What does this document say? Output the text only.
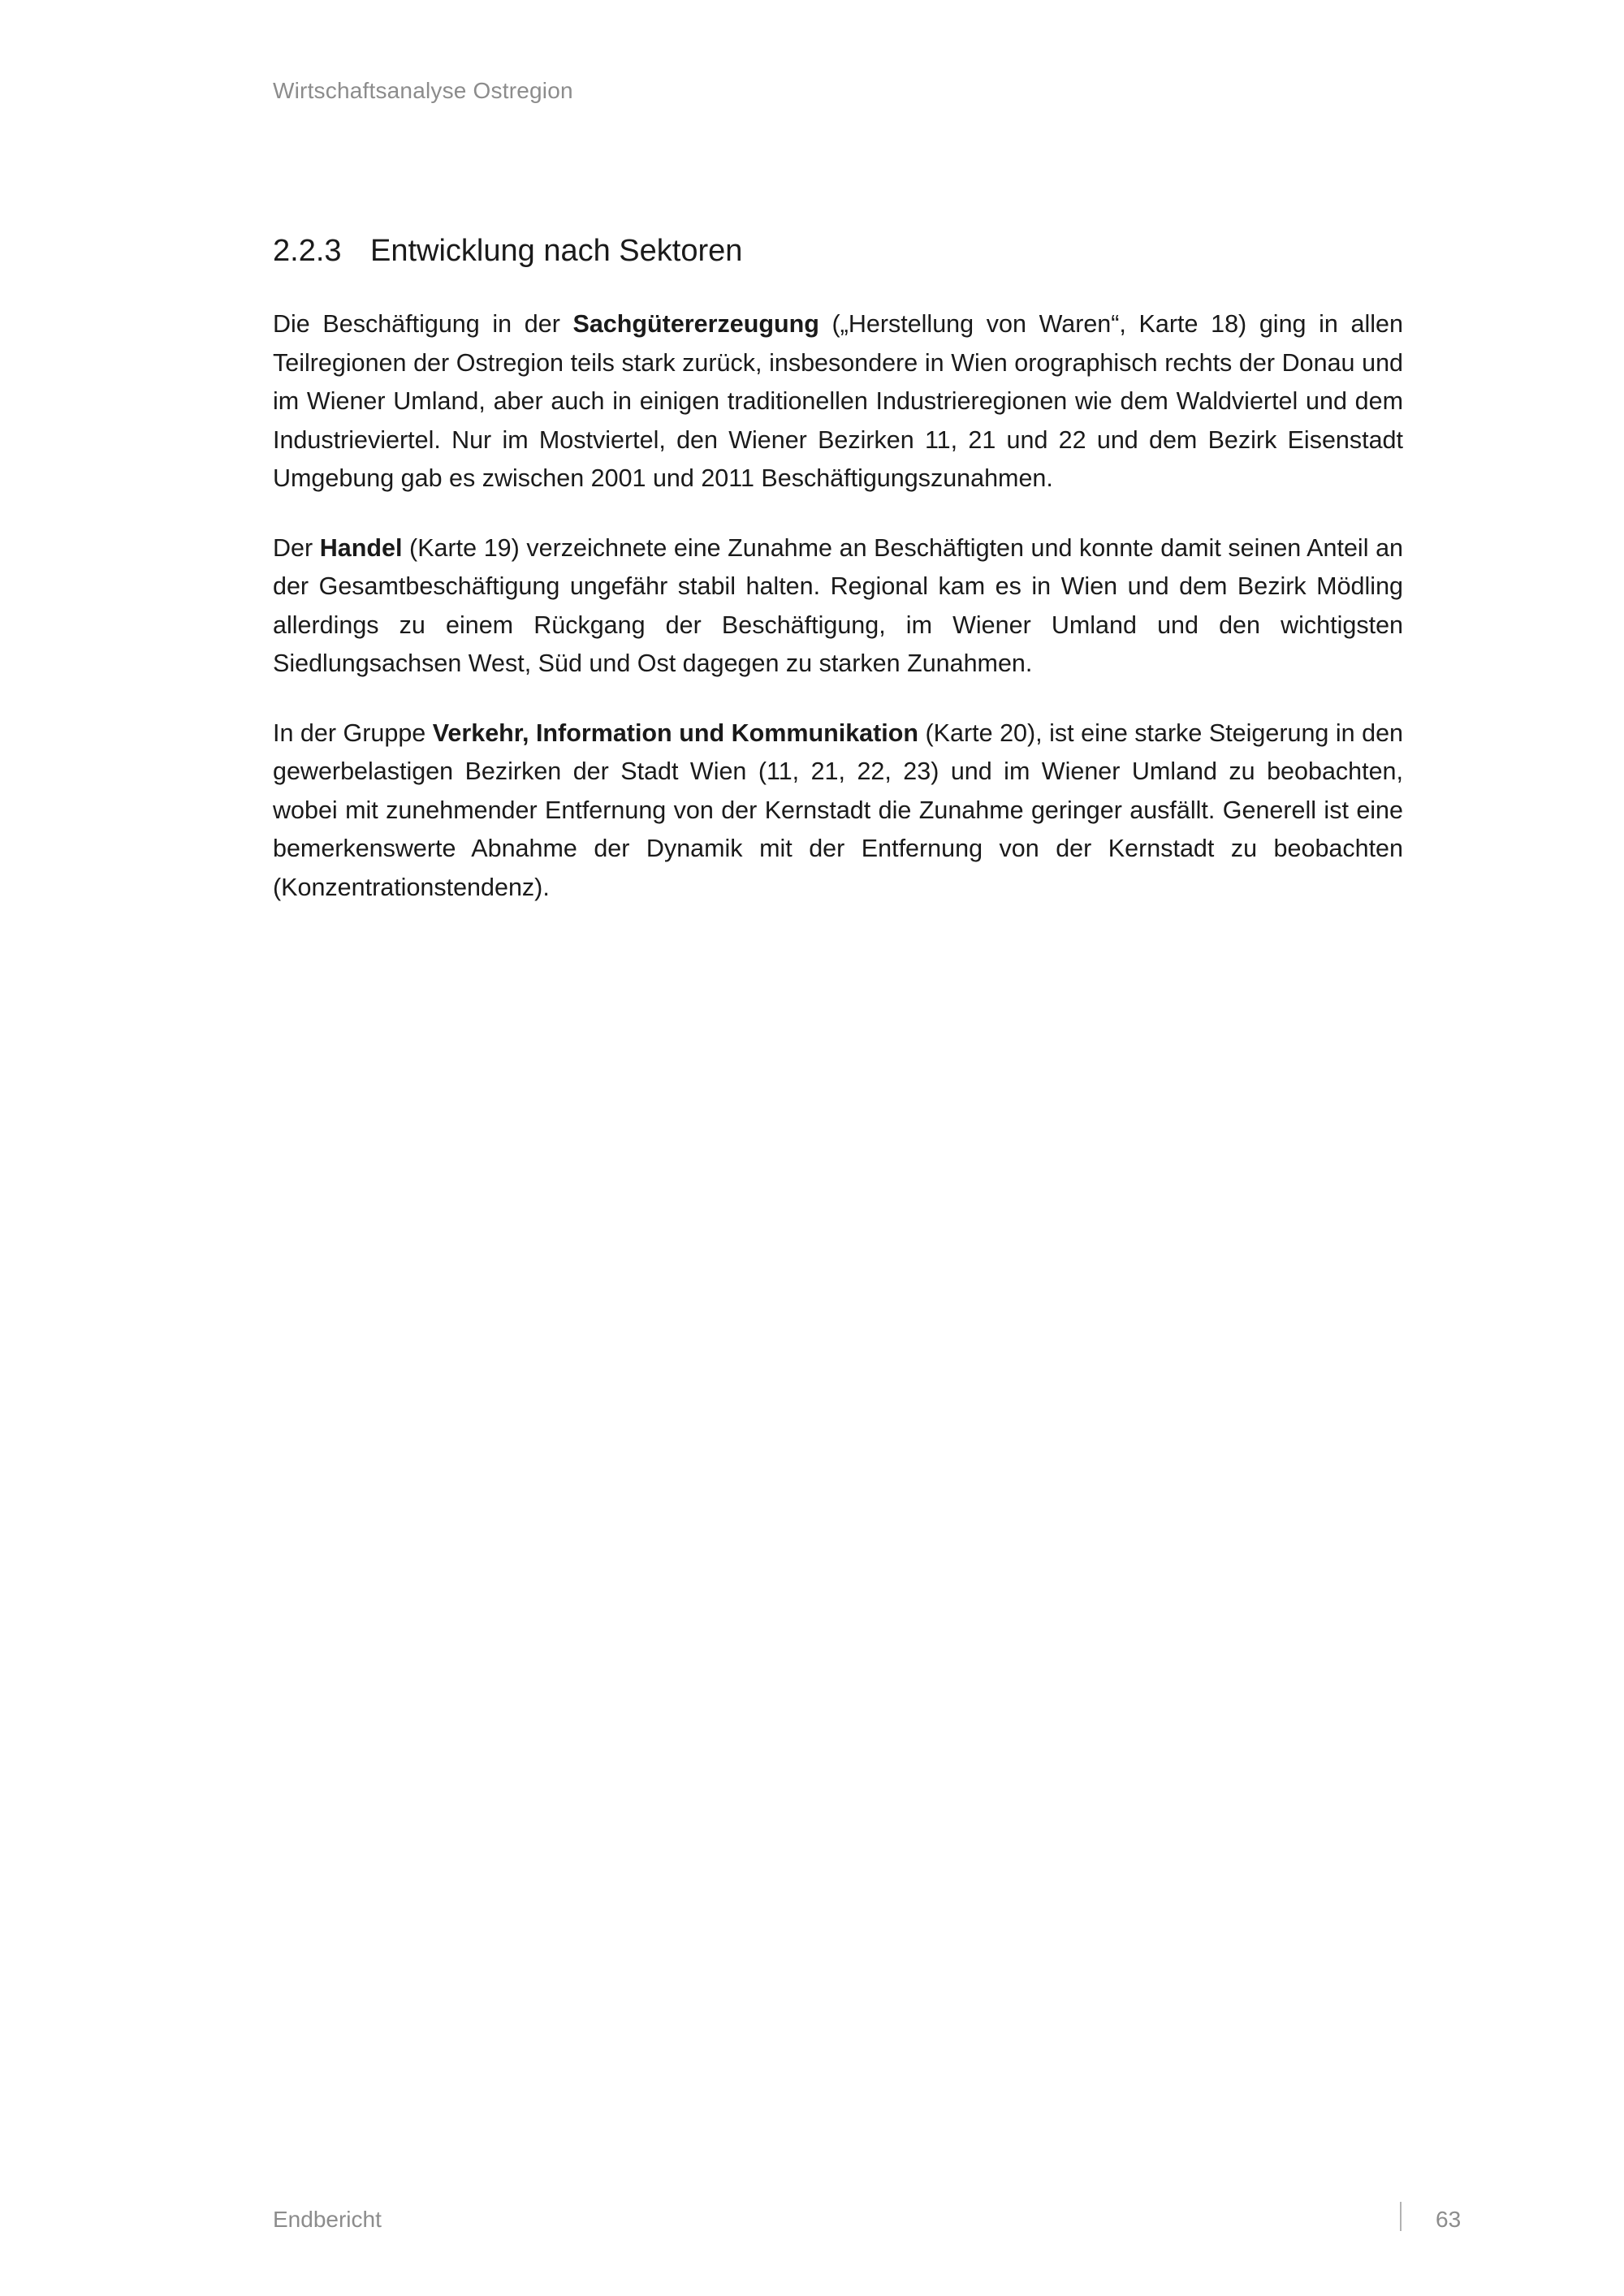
Wirtschaftsanalyse Ostregion
2.2.3 Entwicklung nach Sektoren

Die Beschäftigung in der Sachgütererzeugung („Herstellung von Waren“, Karte 18) ging in allen Teilregionen der Ostregion teils stark zurück, insbesondere in Wien orographisch rechts der Donau und im Wiener Umland, aber auch in einigen traditionellen Industrieregionen wie dem Waldviertel und dem Industrieviertel. Nur im Mostviertel, den Wiener Bezirken 11, 21 und 22 und dem Bezirk Eisenstadt Umgebung gab es zwischen 2001 und 2011 Beschäftigungszunahmen.

Der Handel (Karte 19) verzeichnete eine Zunahme an Beschäftigten und konnte damit seinen Anteil an der Gesamtbeschäftigung ungefähr stabil halten. Regional kam es in Wien und dem Bezirk Mödling allerdings zu einem Rückgang der Beschäftigung, im Wiener Umland und den wichtigsten Siedlungsachsen West, Süd und Ost dagegen zu starken Zunahmen.

In der Gruppe Verkehr, Information und Kommunikation (Karte 20), ist eine starke Steigerung in den gewerbelastigen Bezirken der Stadt Wien (11, 21, 22, 23) und im Wiener Umland zu beobachten, wobei mit zunehmender Entfernung von der Kernstadt die Zunahme geringer ausfällt. Generell ist eine bemerkenswerte Abnahme der Dynamik mit der Entfernung von der Kernstadt zu beobachten (Konzentrationstendenz).

Endbericht	63
